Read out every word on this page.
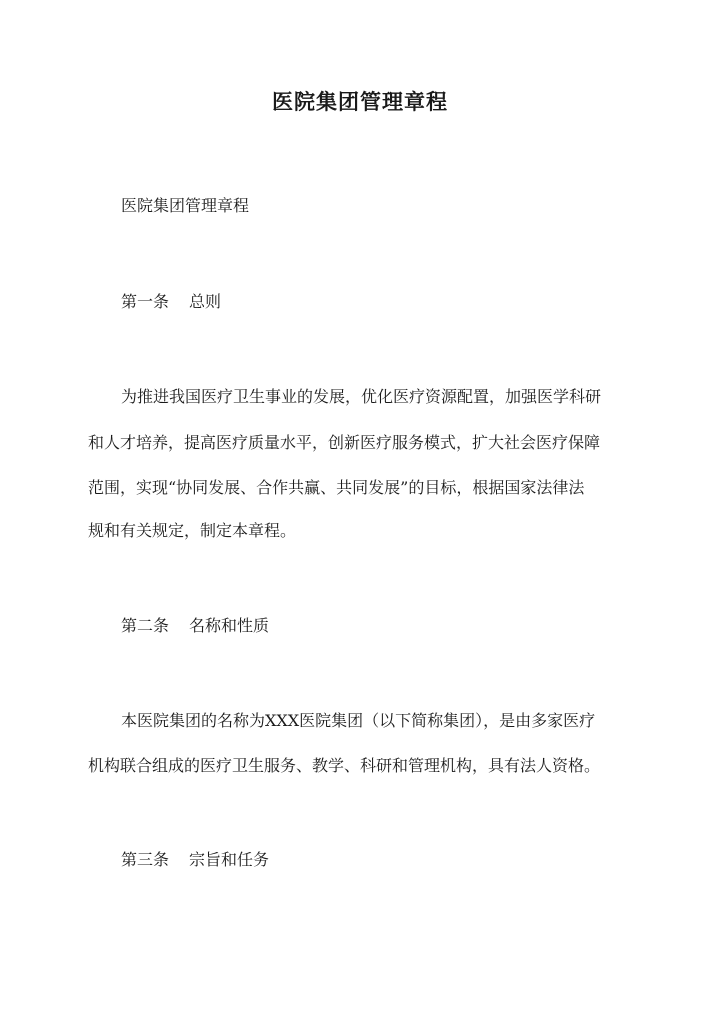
医院集团管理章程

医院集团管理章程

第一条 总则

为推进我国医疗卫生事业的发展，优化医疗资源配置，加强医学科研

和人才培养，提高医疗质量水平，创新医疗服务模式，扩大社会医疗保障

范围，实现“协同发展、合作共赢、共同发展”的目标，根据国家法律法

规和有关规定，制定本章程。

第二条 名称和性质

本医院集团的名称为XXX医院集团（以下简称集团），是由多家医疗

机构联合组成的医疗卫生服务、教学、科研和管理机构，具有法人资格。

第三条 宗旨和任务
